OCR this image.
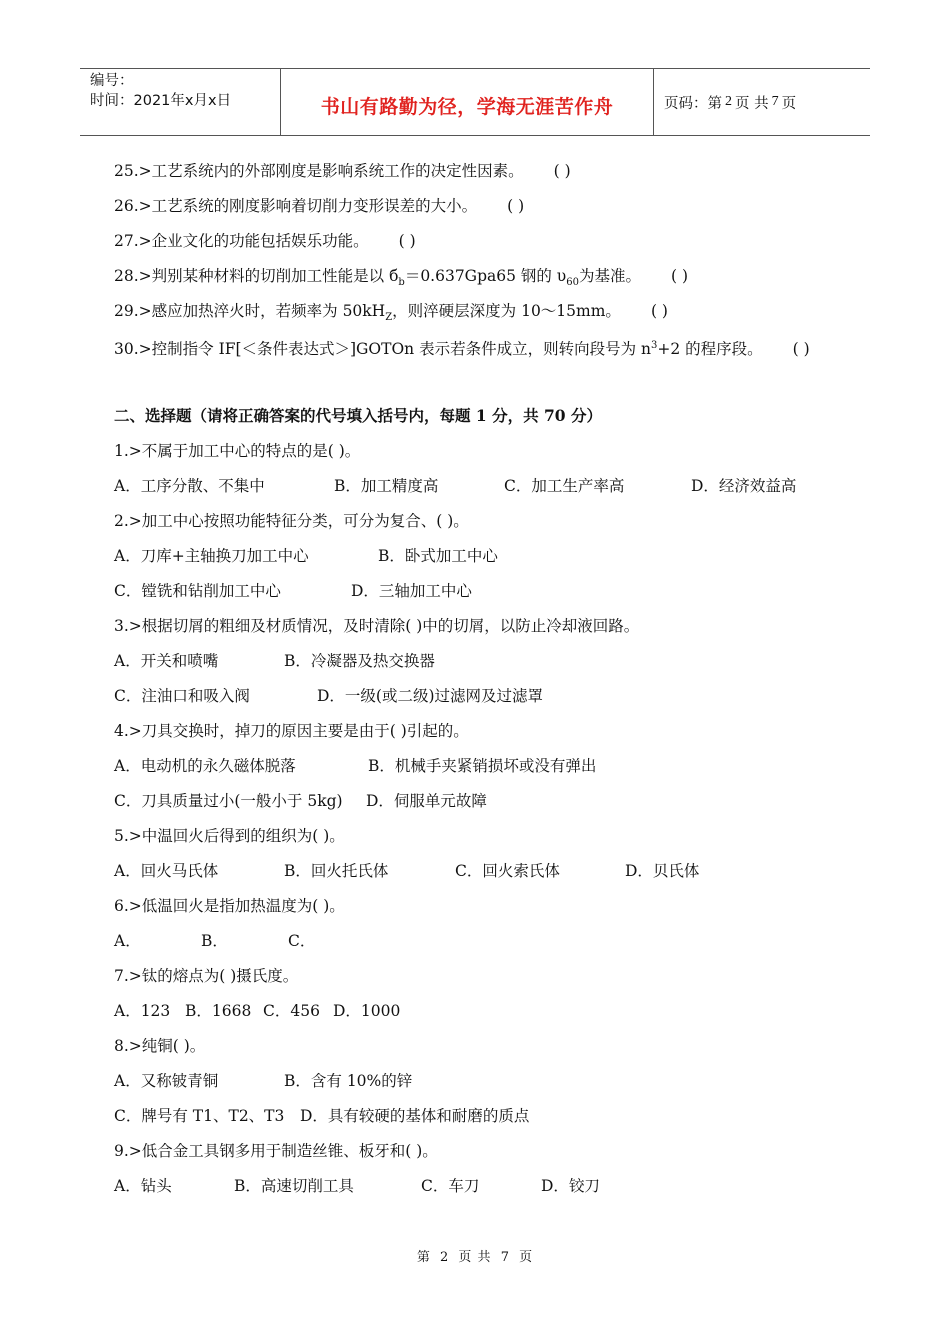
编号：
时间：2021年x月x日	书山有路勤为径，学海无涯苦作舟	页码：第 2 页 共 7 页
25.>工艺系统内的外部刚度是影响系统工作的决定性因素。 ( )
26.>工艺系统的刚度影响着切削力变形误差的大小。 ( )
27.>企业文化的功能包括娱乐功能。 ( )
28.>判别某种材料的切削加工性能是以 $б_b=0.637Gpa65$ 钢的 $\upsilon_{60}$为基准。 ( )
29.>感应加热淬火时，若频率为 $50kH_Z$，则淬硬层深度为 10～15mm。 ( )
30.>控制指令 IF[＜条件表达式＞]GOTOn 表示若条件成立，则转向段号为 $n^3+2$ 的程序段。 ( )
二、选择题（请将正确答案的代号填入括号内，每题 1 分，共 70 分）
1.>不属于加工中心的特点的是( )。
A．工序分散、不集中	B．加工精度高	C．加工生产率高	D．经济效益高
2.>加工中心按照功能特征分类，可分为复合、( )。
A．刀库+主轴换刀加工中心	B．卧式加工中心
C．镗铣和钻削加工中心	D．三轴加工中心
3.>根据切屑的粗细及材质情况，及时清除( )中的切屑，以防止冷却液回路。
A．开关和喷嘴	B．冷凝器及热交换器
C．注油口和吸入阀	D．一级(或二级)过滤网及过滤罩
4.>刀具交换时，掉刀的原因主要是由于( )引起的。
A．电动机的永久磁体脱落	B．机械手夹紧销损坏或没有弹出
C．刀具质量过小(一般小于 5kg) D．伺服单元故障
5.>中温回火后得到的组织为( )。
A．回火马氏体	B．回火托氏体	C．回火索氏体	D．贝氏体
6.>低温回火是指加热温度为( )。
A．	B．	C．
7.>钛的熔点为( )摄氏度。
A．123 B．1668 C．456 D．1000
8.>纯铜( )。
A．又称铍青铜	B．含有 10%的锌
C．牌号有 T1、T2、T3 D．具有较硬的基体和耐磨的质点
9.>低合金工具钢多用于制造丝锥、板牙和( )。
A．钻头	B．高速切削工具	C．车刀	D．铰刀
第 2 页 共 7 页
